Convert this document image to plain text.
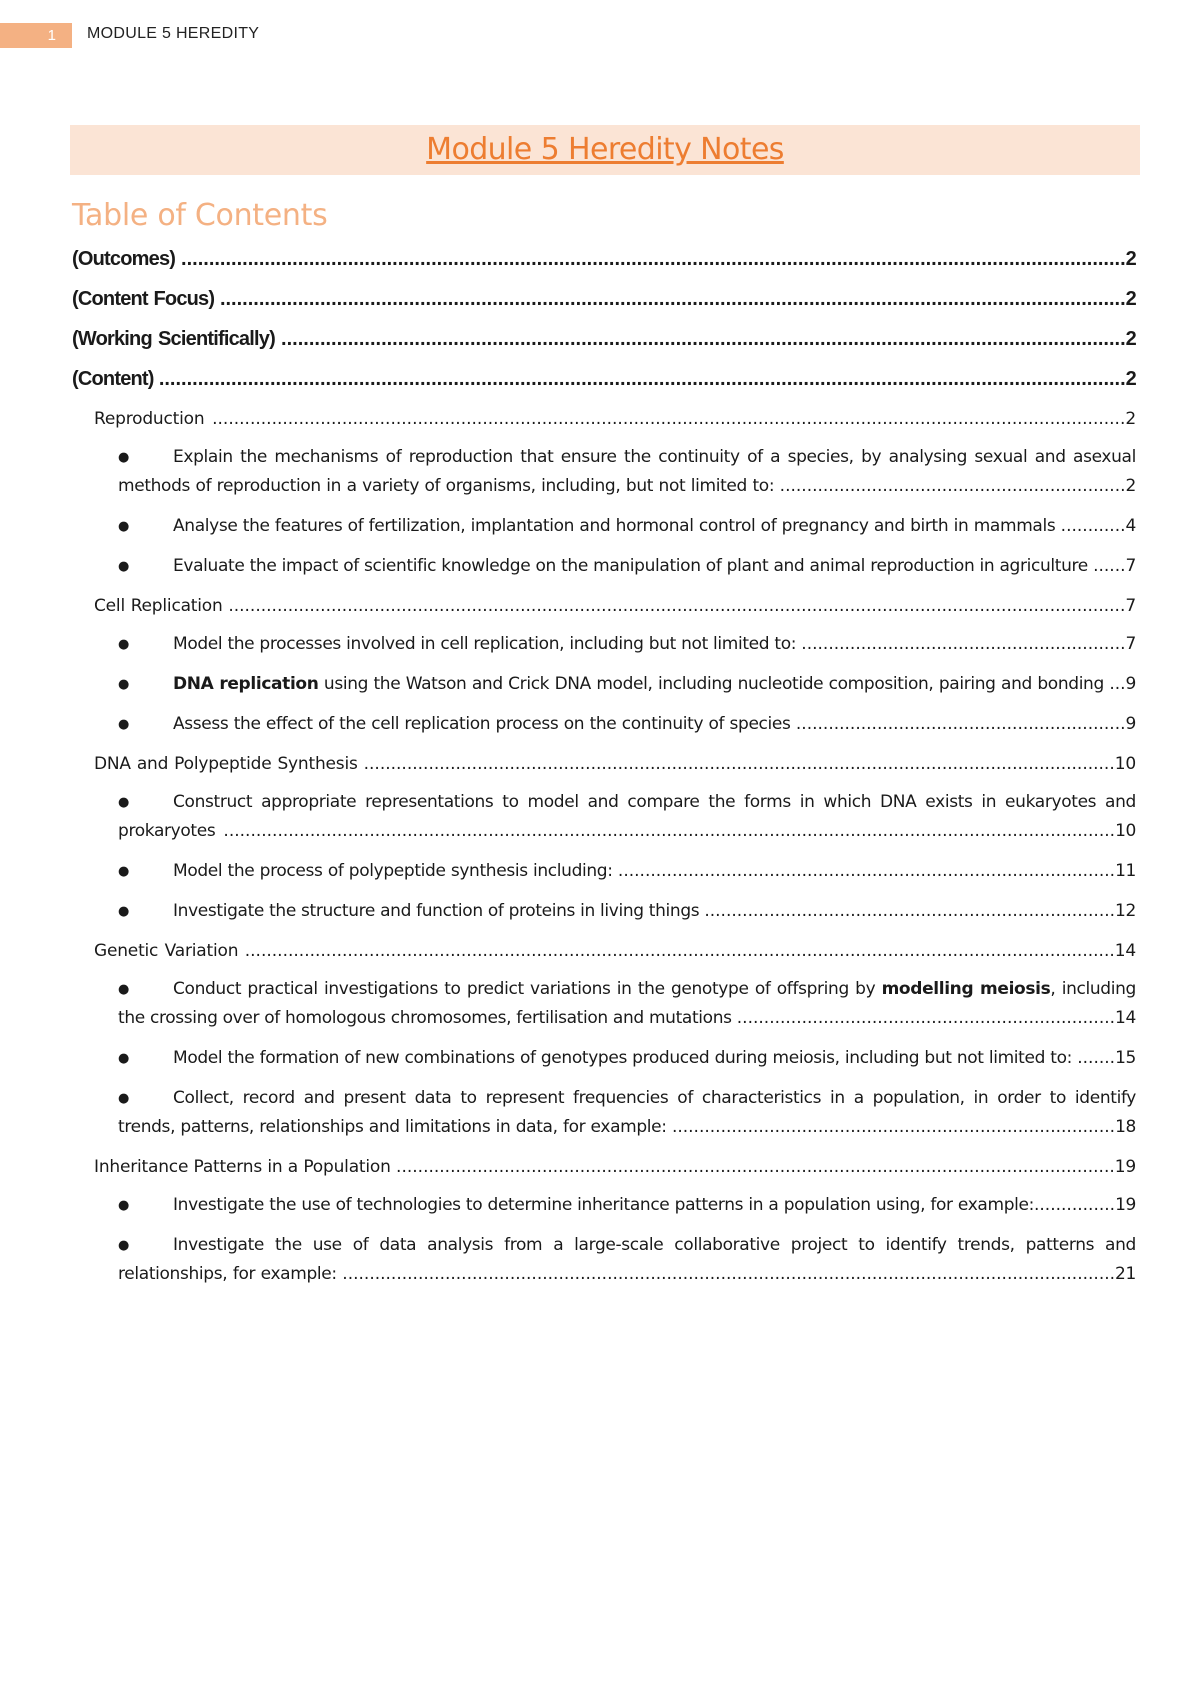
1 MODULE 5 HEREDITY
Module 5 Heredity Notes
Table of Contents
(Outcomes) ..........................................................................................................................................................................2
(Content Focus) ...................................................................................................................................................................2
(Working Scientifically) ........................................................................................................................................................2
(Content) ..............................................................................................................................................................................2
Reproduction .........................................................................................................................................................................2
●	Explain the mechanisms of reproduction that ensure the continuity of a species, by analysing sexual and asexual methods of reproduction in a variety of organisms, including, but not limited to: ................................................................2
●	Analyse the features of fertilization, implantation and hormonal control of pregnancy and birth in mammals ............4
●	Evaluate the impact of scientific knowledge on the manipulation of plant and animal reproduction in agriculture ......7
Cell Replication ......................................................................................................................................................................7
●	Model the processes involved in cell replication, including but not limited to: ............................................................7
●	DNA replication using the Watson and Crick DNA model, including nucleotide composition, pairing and bonding ...9
●	Assess the effect of the cell replication process on the continuity of species .............................................................9
DNA and Polypeptide Synthesis ...........................................................................................................................................10
●	Construct appropriate representations to model and compare the forms in which DNA exists in eukaryotes and prokaryotes .....................................................................................................................................................................10
●	Model the process of polypeptide synthesis including: ............................................................................................11
●	Investigate the structure and function of proteins in living things ............................................................................12
Genetic Variation .................................................................................................................................................................14
●	Conduct practical investigations to predict variations in the genotype of offspring by modelling meiosis, including the crossing over of homologous chromosomes, fertilisation and mutations ......................................................................14
●	Model the formation of new combinations of genotypes produced during meiosis, including but not limited to: .......15
●	Collect, record and present data to represent frequencies of characteristics in a population, in order to identify trends, patterns, relationships and limitations in data, for example: ..................................................................................18
Inheritance Patterns in a Population .....................................................................................................................................19
●	Investigate the use of technologies to determine inheritance patterns in a population using, for example:...............19
●	Investigate the use of data analysis from a large-scale collaborative project to identify trends, patterns and relationships, for example: ...............................................................................................................................................21
